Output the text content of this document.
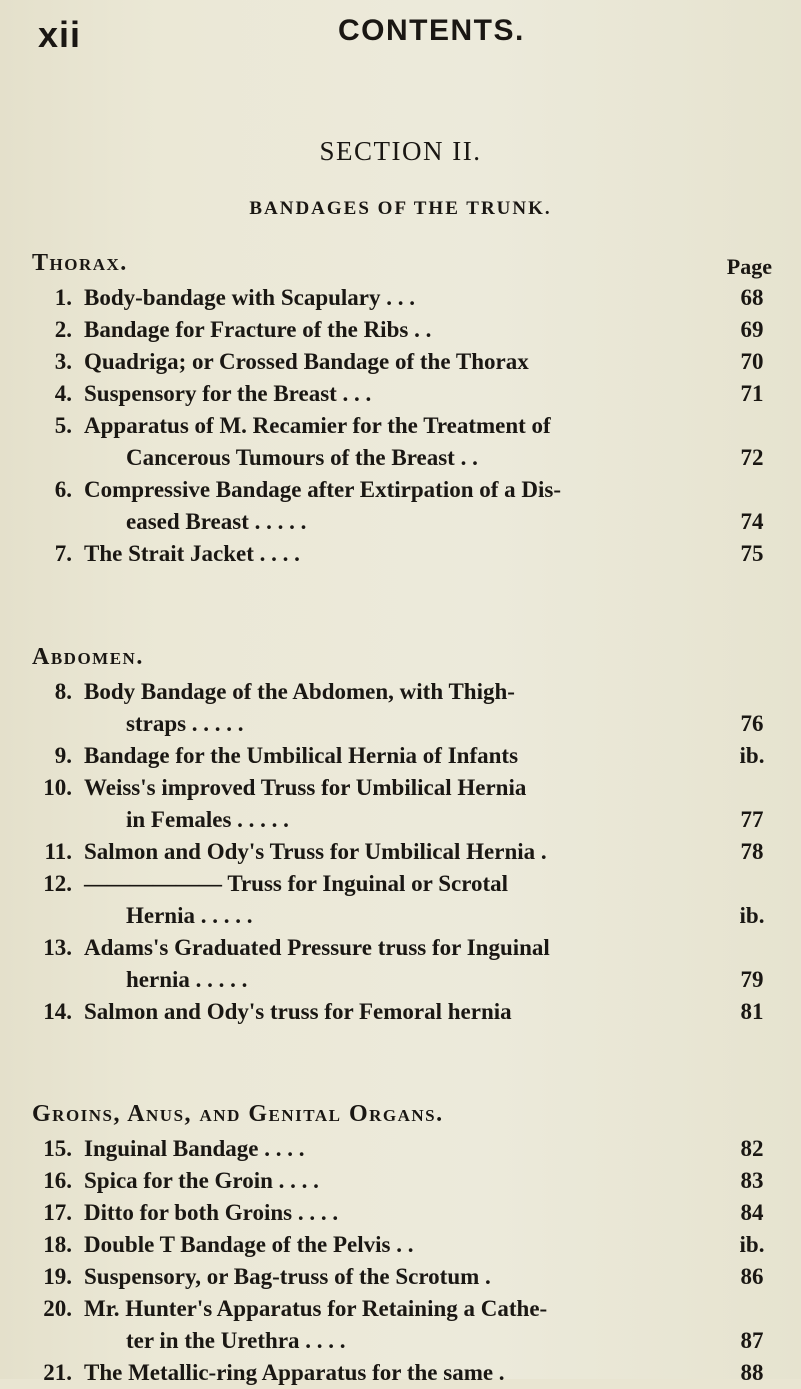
xii	CONTENTS.
SECTION II.
BANDAGES OF THE TRUNK.
Thorax.	Page
1. Body-bandage with Scapulary . . .	68
2. Bandage for Fracture of the Ribs . .	69
3. Quadriga; or Crossed Bandage of the Thorax	70
4. Suspensory for the Breast . . .	71
5. Apparatus of M. Recamier for the Treatment of
Cancerous Tumours of the Breast . .	72
6. Compressive Bandage after Extirpation of a Dis-
eased Breast . . . . .	74
7. The Strait Jacket . . . .	75
Abdomen.
8. Body Bandage of the Abdomen, with Thigh-
straps . . . . .	76
9. Bandage for the Umbilical Hernia of Infants	ib.
10. Weiss's improved Truss for Umbilical Hernia
in Females . . . . .	77
11. Salmon and Ody's Truss for Umbilical Hernia .	78
12. —————— Truss for Inguinal or Scrotal
Hernia . . . . .	ib.
13. Adams's Graduated Pressure truss for Inguinal
hernia . . . . .	79
14. Salmon and Ody's truss for Femoral hernia	81
Groins, Anus, and Genital Organs.
15. Inguinal Bandage . . . .	82
16. Spica for the Groin . . . .	83
17. Ditto for both Groins . . . .	84
18. Double T Bandage of the Pelvis . .	ib.
19. Suspensory, or Bag-truss of the Scrotum .	86
20. Mr. Hunter's Apparatus for Retaining a Cathe-
ter in the Urethra . . . .	87
21. The Metallic-ring Apparatus for the same .	88
